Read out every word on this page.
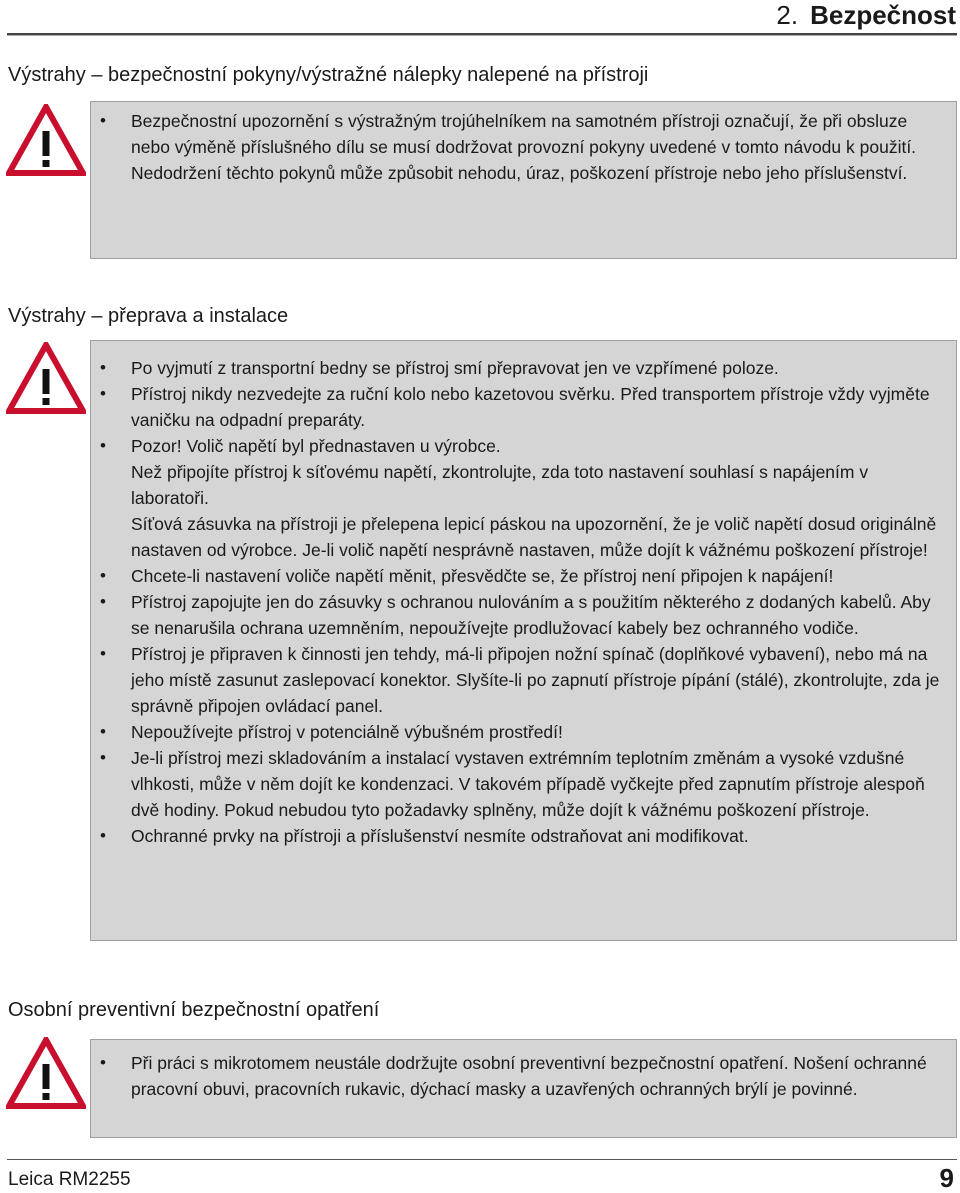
2. Bezpečnost
Výstrahy – bezpečnostní pokyny/výstražné nálepky nalepené na přístroji
• Bezpečnostní upozornění s výstražným trojúhelníkem na samotném přístroji označují, že při obsluze nebo výměně příslušného dílu se musí dodržovat provozní pokyny uvedené v tomto návodu k použití.
Nedodržení těchto pokynů může způsobit nehodu, úraz, poškození přístroje nebo jeho příslušenství.
Výstrahy – přeprava a instalace
• Po vyjmutí z transportní bedny se přístroj smí přepravovat jen ve vzpřímené poloze.
• Přístroj nikdy nezvedejte za ruční kolo nebo kazetovou svěrku. Před transportem přístroje vždy vyjměte vaničku na odpadní preparáty.
• Pozor! Volič napětí byl přednastaven u výrobce.
Než připojíte přístroj k síťovému napětí, zkontrolujte, zda toto nastavení souhlasí s napájením v laboratoři.
Síťová zásuvka na přístroji je přelepena lepicí páskou na upozornění, že je volič napětí dosud originálně nastaven od výrobce. Je-li volič napětí nesprávně nastaven, může dojít k vážnému poškození přístroje!
• Chcete-li nastavení voliče napětí měnit, přesvědčte se, že přístroj není připojen k napájení!
• Přístroj zapojujte jen do zásuvky s ochranou nulováním a s použitím některého z dodaných kabelů. Aby se nenarušila ochrana uzemněním, nepoužívejte prodlužovací kabely bez ochranného vodiče.
• Přístroj je připraven k činnosti jen tehdy, má-li připojen nožní spínač (doplňkové vybavení), nebo má na jeho místě zasunut zaslepovací konektor. Slyšíte-li po zapnutí přístroje pípání (stálé), zkontrolujte, zda je správně připojen ovládací panel.
• Nepoužívejte přístroj v potenciálně výbušném prostředí!
• Je-li přístroj mezi skladováním a instalací vystaven extrémním teplotním změnám a vysoké vzdušné vlhkosti, může v něm dojít ke kondenzaci. V takovém případě vyčkejte před zapnutím přístroje alespoň dvě hodiny. Pokud nebudou tyto požadavky splněny, může dojít k vážnému poškození přístroje.
• Ochranné prvky na přístroji a příslušenství nesmíte odstraňovat ani modifikovat.
Osobní preventivní bezpečnostní opatření
• Při práci s mikrotomem neustále dodržujte osobní preventivní bezpečnostní opatření. Nošení ochranné pracovní obuvi, pracovních rukavic, dýchací masky a uzavřených ochranných brýlí je povinné.
Leica RM2255	9
